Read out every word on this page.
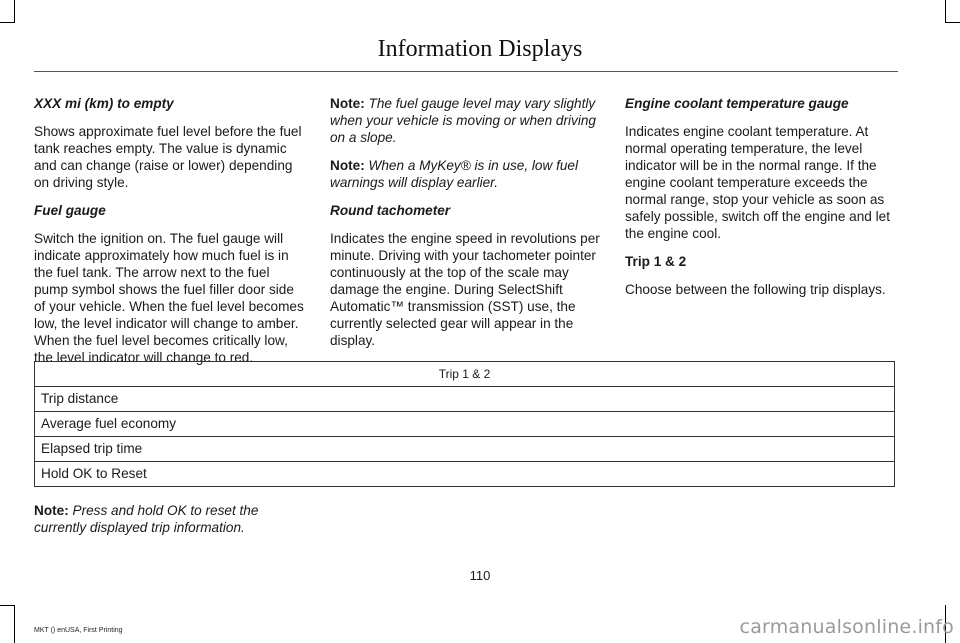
Information Displays

XXX mi (km) to empty

Shows approximate fuel level before the fuel tank reaches empty. The value is dynamic and can change (raise or lower) depending on driving style.

Fuel gauge

Switch the ignition on. The fuel gauge will indicate approximately how much fuel is in the fuel tank. The arrow next to the fuel pump symbol shows the fuel filler door side of your vehicle. When the fuel level becomes low, the level indicator will change to amber. When the fuel level becomes critically low, the level indicator will change to red.

Note: The fuel gauge level may vary slightly when your vehicle is moving or when driving on a slope.

Note: When a MyKey® is in use, low fuel warnings will display earlier.

Round tachometer

Indicates the engine speed in revolutions per minute. Driving with your tachometer pointer continuously at the top of the scale may damage the engine. During SelectShift Automatic™ transmission (SST) use, the currently selected gear will appear in the display.

Engine coolant temperature gauge

Indicates engine coolant temperature. At normal operating temperature, the level indicator will be in the normal range. If the engine coolant temperature exceeds the normal range, stop your vehicle as soon as safely possible, switch off the engine and let the engine cool.

Trip 1 & 2

Choose between the following trip displays.

Trip 1 & 2
Trip distance
Average fuel economy
Elapsed trip time
Hold OK to Reset
Note: Press and hold OK to reset the currently displayed trip information.
110
MKT () enUSA, First Printing	carmanualsonline.info
